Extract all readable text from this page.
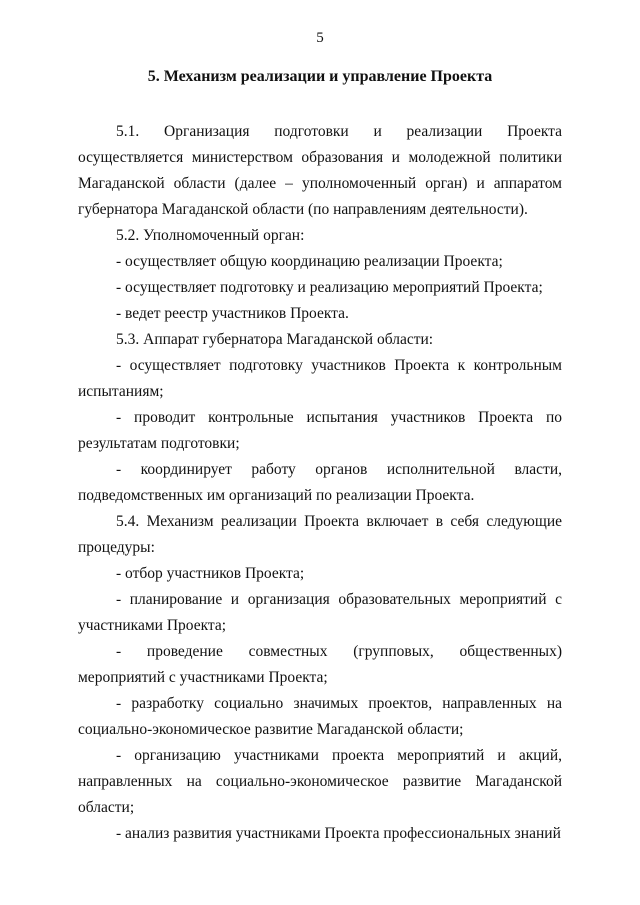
5
5. Механизм реализации и управление Проекта

5.1. Организация подготовки и реализации Проекта осуществляется министерством образования и молодежной политики Магаданской области (далее – уполномоченный орган) и аппаратом губернатора Магаданской области (по направлениям деятельности).

5.2. Уполномоченный орган:

- осуществляет общую координацию реализации Проекта;

- осуществляет подготовку и реализацию мероприятий Проекта;

- ведет реестр участников Проекта.

5.3. Аппарат губернатора Магаданской области:

- осуществляет подготовку участников Проекта к контрольным испытаниям;

- проводит контрольные испытания участников Проекта по результатам подготовки;

- координирует работу органов исполнительной власти, подведомственных им организаций по реализации Проекта.

5.4. Механизм реализации Проекта включает в себя следующие процедуры:

- отбор участников Проекта;

- планирование и организация образовательных мероприятий с участниками Проекта;

- проведение совместных (групповых, общественных) мероприятий с участниками Проекта;

- разработку социально значимых проектов, направленных на социально-экономическое развитие Магаданской области;

- организацию участниками проекта мероприятий и акций, направленных на социально-экономическое развитие Магаданской области;

- анализ развития участниками Проекта профессиональных знаний
